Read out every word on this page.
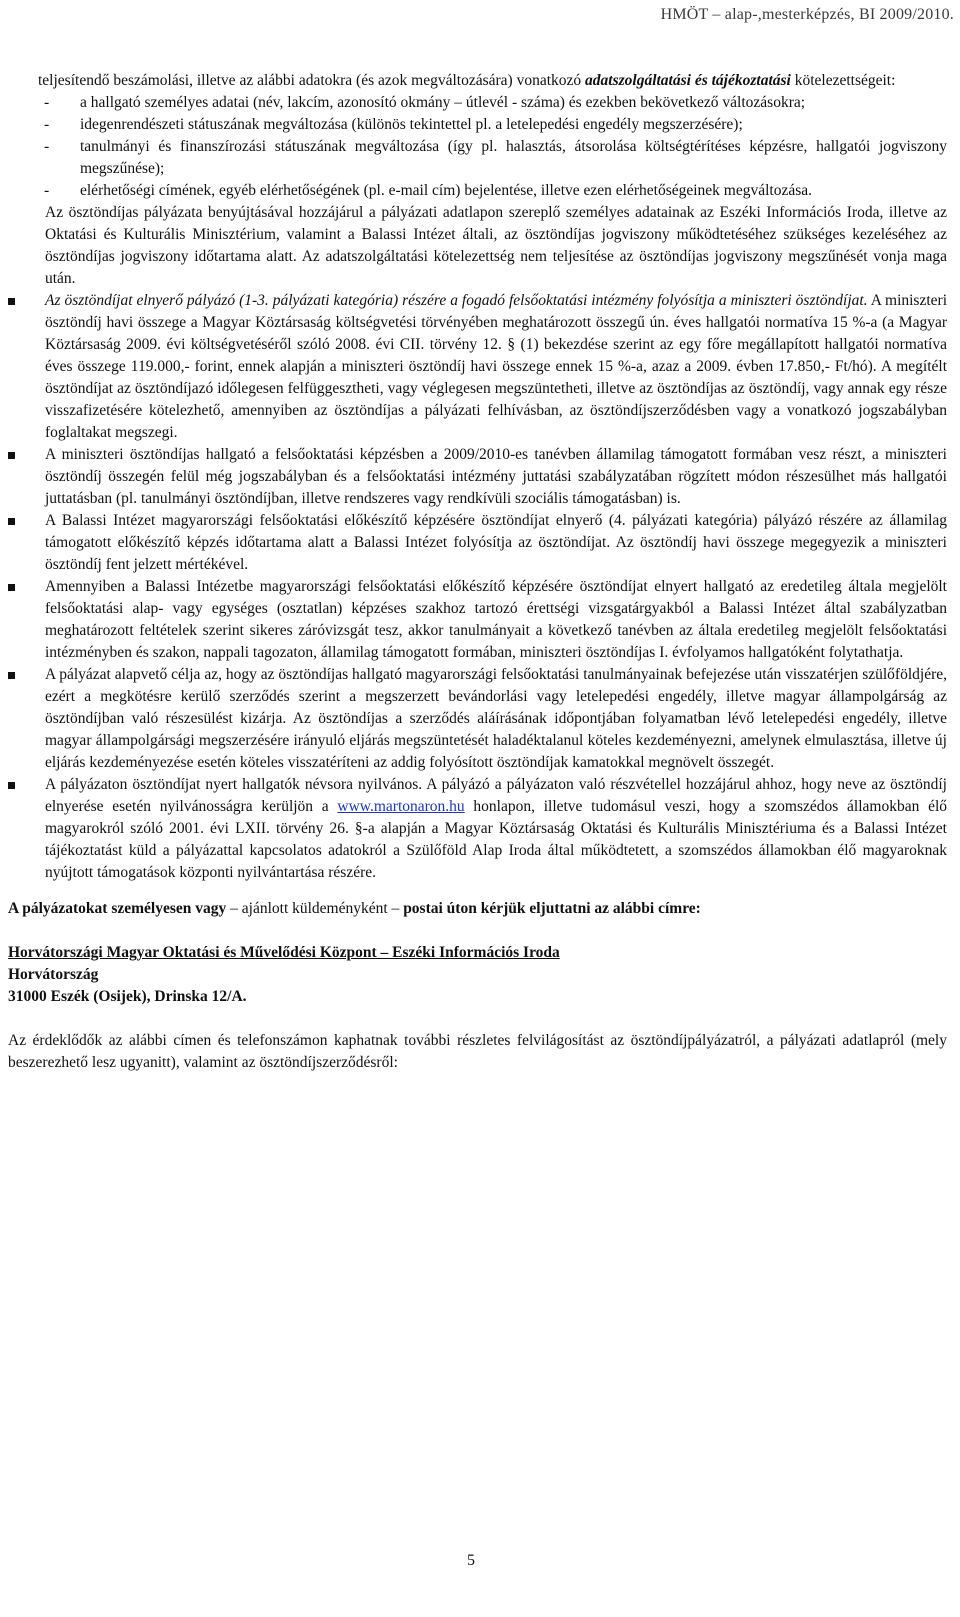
HMÖT – alap-,mesterképzés, BI 2009/2010.

teljesítendő beszámolási, illetve az alábbi adatokra (és azok megváltozására) vonatkozó adatszolgáltatási és tájékoztatási kötelezettségeit:

- a hallgató személyes adatai (név, lakcím, azonosító okmány – útlevél - száma) és ezekben bekövetkező változásokra;
- idegenrendészeti státuszának megváltozása (különös tekintettel pl. a letelepedési engedély megszerzésére);
- tanulmányi és finanszírozási státuszának megváltozása (így pl. halasztás, átsorolása költségtérítéses képzésre, hallgatói jogviszony megszűnése);
- elérhetőségi címének, egyéb elérhetőségének (pl. e-mail cím) bejelentése, illetve ezen elérhetőségeinek megváltozása.

Az ösztöndíjas pályázata benyújtásával hozzájárul a pályázati adatlapon szereplő személyes adatainak az Eszéki Információs Iroda, illetve az Oktatási és Kulturális Minisztérium, valamint a Balassi Intézet általi, az ösztöndíjas jogviszony működtetéséhez szükséges kezeléséhez az ösztöndíjas jogviszony időtartama alatt. Az adatszolgáltatási kötelezettség nem teljesítése az ösztöndíjas jogviszony megszűnését vonja maga után.

Az ösztöndíjat elnyerő pályázó (1-3. pályázati kategória) részére a fogadó felsőoktatási intézmény folyósítja a miniszteri ösztöndíjat. A miniszteri ösztöndíj havi összege a Magyar Köztársaság költségvetési törvényében meghatározott összegű ún. éves hallgatói normatíva 15 %-a (a Magyar Köztársaság 2009. évi költségvetéséről szóló 2008. évi CII. törvény 12. § (1) bekezdése szerint az egy főre megállapított hallgatói normatíva éves összege 119.000,- forint, ennek alapján a miniszteri ösztöndíj havi összege ennek 15 %-a, azaz a 2009. évben 17.850,- Ft/hó). A megítélt ösztöndíjat az ösztöndíjazó időlegesen felfüggesztheti, vagy véglegesen megszüntetheti, illetve az ösztöndíjas az ösztöndíj, vagy annak egy része visszafizetésére kötelezhető, amennyiben az ösztöndíjas a pályázati felhívásban, az ösztöndíjszerződésben vagy a vonatkozó jogszabályban foglaltakat megszegi.
A miniszteri ösztöndíjas hallgató a felsőoktatási képzésben a 2009/2010-es tanévben államilag támogatott formában vesz részt, a miniszteri ösztöndíj összegén felül még jogszabályban és a felsőoktatási intézmény juttatási szabályzatában rögzített módon részesülhet más hallgatói juttatásban (pl. tanulmányi ösztöndíjban, illetve rendszeres vagy rendkívüli szociális támogatásban) is.
A Balassi Intézet magyarországi felsőoktatási előkészítő képzésére ösztöndíjat elnyerő (4. pályázati kategória) pályázó részére az államilag támogatott előkészítő képzés időtartama alatt a Balassi Intézet folyósítja az ösztöndíjat. Az ösztöndíj havi összege megegyezik a miniszteri ösztöndíj fent jelzett mértékével.
Amennyiben a Balassi Intézetbe magyarországi felsőoktatási előkészítő képzésére ösztöndíjat elnyert hallgató az eredetileg általa megjelölt felsőoktatási alap- vagy egységes (osztatlan) képzéses szakhoz tartozó érettségi vizsgatárgyakból a Balassi Intézet által szabályzatban meghatározott feltételek szerint sikeres záróvizsgát tesz, akkor tanulmányait a következő tanévben az általa eredetileg megjelölt felsőoktatási intézményben és szakon, nappali tagozaton, államilag támogatott formában, miniszteri ösztöndíjas I. évfolyamos hallgatóként folytathatja.
A pályázat alapvető célja az, hogy az ösztöndíjas hallgató magyarországi felsőoktatási tanulmányainak befejezése után visszatérjen szülőföldjére, ezért a megkötésre kerülő szerződés szerint a megszerzett bevándorlási vagy letelepedési engedély, illetve magyar állampolgárság az ösztöndíjban való részesülést kizárja. Az ösztöndíjas a szerződés aláírásának időpontjában folyamatban lévő letelepedési engedély, illetve magyar állampolgársági megszerzésére irányuló eljárás megszüntetését haladéktalanul köteles kezdeményezni, amelynek elmulasztása, illetve új eljárás kezdeményezése esetén köteles visszatéríteni az addig folyósított ösztöndíjak kamatokkal megnövelt összegét.
A pályázaton ösztöndíjat nyert hallgatók névsora nyilvános. A pályázó a pályázaton való részvétellel hozzájárul ahhoz, hogy neve az ösztöndíj elnyerése esetén nyilvánosságra kerüljön a www.martonaron.hu honlapon, illetve tudomásul veszi, hogy a szomszédos államokban élő magyarokról szóló 2001. évi LXII. törvény 26. §-a alapján a Magyar Köztársaság Oktatási és Kulturális Minisztériuma és a Balassi Intézet tájékoztatást küld a pályázattal kapcsolatos adatokról a Szülőföld Alap Iroda által működtetett, a szomszédos államokban élő magyaroknak nyújtott támogatások központi nyilvántartása részére.

A pályázatokat személyesen vagy – ajánlott küldeményként – postai úton kérjük eljuttatni az alábbi címre:

Horvátországi Magyar Oktatási és Művelődési Központ – Eszéki Információs Iroda
Horvátország
31000 Eszék (Osijek), Drinska 12/A.

Az érdeklődők az alábbi címen és telefonszámon kaphatnak további részletes felvilágosítást az ösztöndíjpályázatról, a pályázati adatlapról (mely beszerezhető lesz ugyanitt), valamint az ösztöndíjszerződésről:

5
